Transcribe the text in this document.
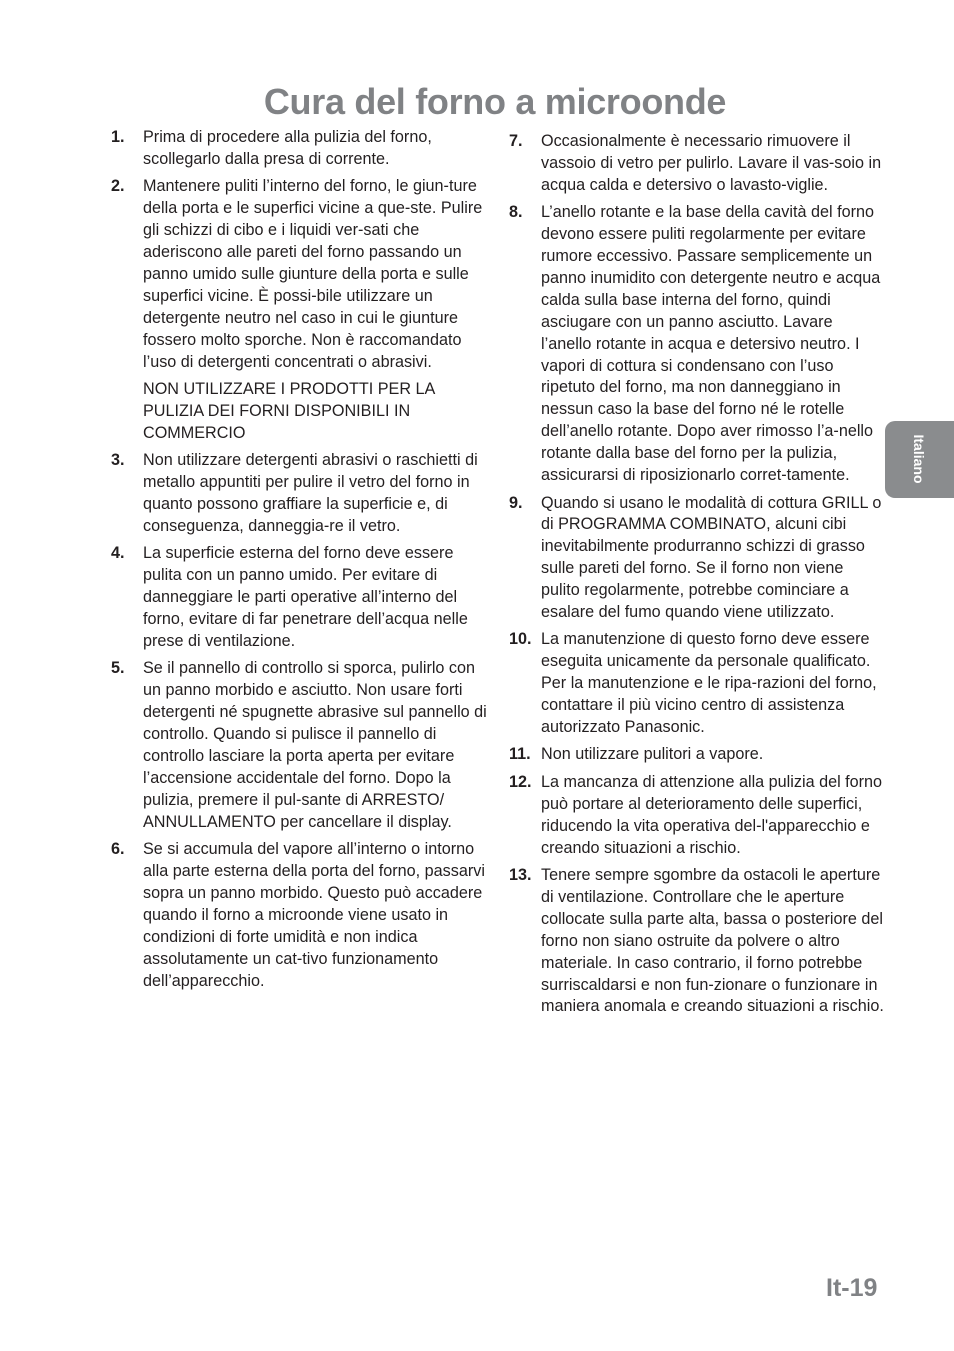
Cura del forno a microonde
1. Prima di procedere alla pulizia del forno, scollegarlo dalla presa di corrente.

2. Mantenere puliti l’interno del forno, le giun-ture della porta e le superfici vicine a que-ste. Pulire gli schizzi di cibo e i liquidi ver-sati che aderiscono alle pareti del forno passando un panno umido sulle giunture della porta e sulle superfici vicine. È possi-bile utilizzare un detergente neutro nel caso in cui le giunture fossero molto sporche. Non è raccomandato l’uso di detergenti concentrati o abrasivi.

NON UTILIZZARE I PRODOTTI PER LA PULIZIA DEI FORNI DISPONIBILI IN COMMERCIO

3. Non utilizzare detergenti abrasivi o raschietti di metallo appuntiti per pulire il vetro del forno in quanto possono graffiare la superficie e, di conseguenza, danneggia-re il vetro.

4. La superficie esterna del forno deve essere pulita con un panno umido. Per evitare di danneggiare le parti operative all’interno del forno, evitare di far penetrare dell’acqua nelle prese di ventilazione.

5. Se il pannello di controllo si sporca, pulirlo con un panno morbido e asciutto. Non usare forti detergenti né spugnette abrasive sul pannello di controllo. Quando si pulisce il pannello di controllo lasciare la porta aperta per evitare l’accensione accidentale del forno. Dopo la pulizia, premere il pul-sante di ARRESTO/ ANNULLAMENTO per cancellare il display.

6. Se si accumula del vapore all’interno o intorno alla parte esterna della porta del forno, passarvi sopra un panno morbido. Questo può accadere quando il forno a microonde viene usato in condizioni di forte umidità e non indica assolutamente un cat-tivo funzionamento dell’apparecchio.

7. Occasionalmente è necessario rimuovere il vassoio di vetro per pulirlo. Lavare il vas-soio in acqua calda e detersivo o lavasto-viglie.

8. L’anello rotante e la base della cavità del forno devono essere puliti regolarmente per evitare rumore eccessivo. Passare semplicemente un panno inumidito con detergente neutro e acqua calda sulla base interna del forno, quindi asciugare con un panno asciutto. Lavare l’anello rotante in acqua e detersivo neutro. I vapori di cottura si condensano con l’uso ripetuto del forno, ma non danneggiano in nessun caso la base del forno né le rotelle dell’anello rotante. Dopo aver rimosso l’a-nello rotante dalla base del forno per la pulizia, assicurarsi di riposizionarlo corret-tamente.

9. Quando si usano le modalità di cottura GRILL o di PROGRAMMA COMBINATO, alcuni cibi inevitabilmente produrranno schizzi di grasso sulle pareti del forno. Se il forno non viene pulito regolarmente, potrebbe cominciare a esalare del fumo quando viene utilizzato.

10. La manutenzione di questo forno deve essere eseguita unicamente da personale qualificato. Per la manutenzione e le ripa-razioni del forno, contattare il più vicino centro di assistenza autorizzato Panasonic.

11. Non utilizzare pulitori a vapore.

12. La mancanza di attenzione alla pulizia del forno può portare al deterioramento delle superfici, riducendo la vita operativa del-l'apparecchio e creando situazioni a rischio.

13. Tenere sempre sgombre da ostacoli le aperture di ventilazione. Controllare che le aperture collocate sulla parte alta, bassa o posteriore del forno non siano ostruite da polvere o altro materiale. In caso contrario, il forno potrebbe surriscaldarsi e non fun-zionare o funzionare in maniera anomala e creando situazioni a rischio.

Italiano
It-19
